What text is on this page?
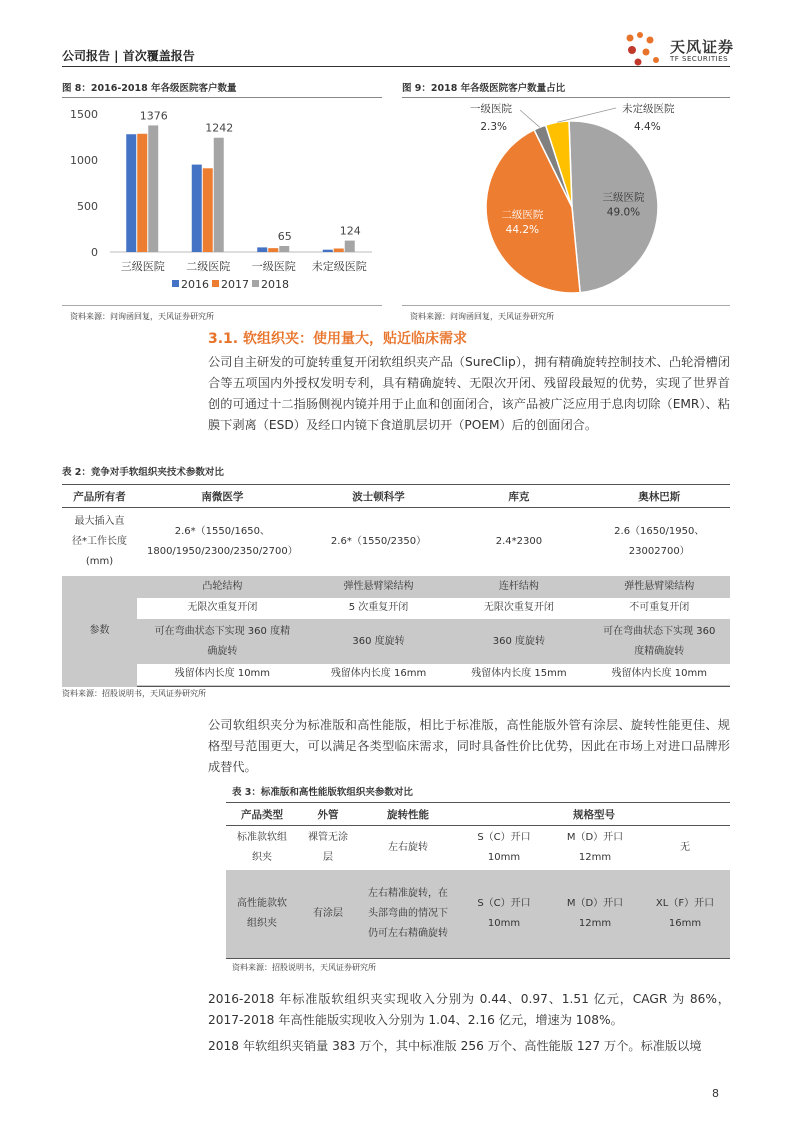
公司报告 | 首次覆盖报告	天风证券
TF SECURITIES
图 8：2016-2018 年各级医院客户数量
0
500
1000
1500	1376
三级医院
1242
二级医院
65
一级医院
124
未定级医院
2016 2017 2018
图 9：2018 年各级医院客户数量占比
三级医院
49.0%
二级医院
44.2%
一级医院
2.3%
未定级医院
4.4%
资料来源：问询函回复，天风证券研究所	资料来源：问询函回复，天风证券研究所
3.1. 软组织夹：使用量大，贴近临床需求
公司自主研发的可旋转重复开闭软组织夹产品（SureClip），拥有精确旋转控制技术、凸轮滑槽闭合等五项国内外授权发明专利，具有精确旋转、无限次开闭、残留段最短的优势，实现了世界首创的可通过十二指肠侧视内镜并用于止血和创面闭合，该产品被广泛应用于息肉切除（EMR）、粘膜下剥离（ESD）及经口内镜下食道肌层切开（POEM）后的创面闭合。
表 2：竞争对手软组织夹技术参数对比
产品所有者	南微医学	波士顿科学	库克	奥林巴斯
最大插入直径*工作长度(mm)	2.6*（1550/1650、1800/1950/2300/2350/2700）	2.6*（1550/2350）	2.4*2300	2.6（1650/1950、23002700）
参数	凸轮结构	弹性悬臂梁结构	连杆结构	弹性悬臂梁结构
	无限次重复开闭	5 次重复开闭	无限次重复开闭	不可重复开闭
	可在弯曲状态下实现 360 度精确旋转	360 度旋转	360 度旋转	可在弯曲状态下实现 360 度精确旋转
	残留体内长度 10mm	残留体内长度 16mm	残留体内长度 15mm	残留体内长度 10mm

资料来源：招股说明书，天风证券研究所
公司软组织夹分为标准版和高性能版，相比于标准版，高性能版外管有涂层、旋转性能更佳、规格型号范围更大，可以满足各类型临床需求，同时具备性价比优势，因此在市场上对进口品牌形成替代。
表 3：标准版和高性能版软组织夹参数对比
产品类型	外管	旋转性能	规格型号		
标准款软组织夹	裸管无涂层	左右旋转	S（C）开口 10mm	M（D）开口 12mm	无
高性能款软组织夹	有涂层	左右精准旋转，在头部弯曲的情况下仍可左右精确旋转	S（C）开口 10mm	M（D）开口 12mm	XL（F）开口 16mm

资料来源：招股说明书，天风证券研究所
2016-2018 年标准版软组织夹实现收入分别为 0.44、0.97、1.51 亿元，CAGR 为 86%，2017-2018 年高性能版实现收入分别为 1.04、2.16 亿元，增速为 108%。
2018 年软组织夹销量 383 万个，其中标准版 256 万个、高性能版 127 万个。标准版以境
8
